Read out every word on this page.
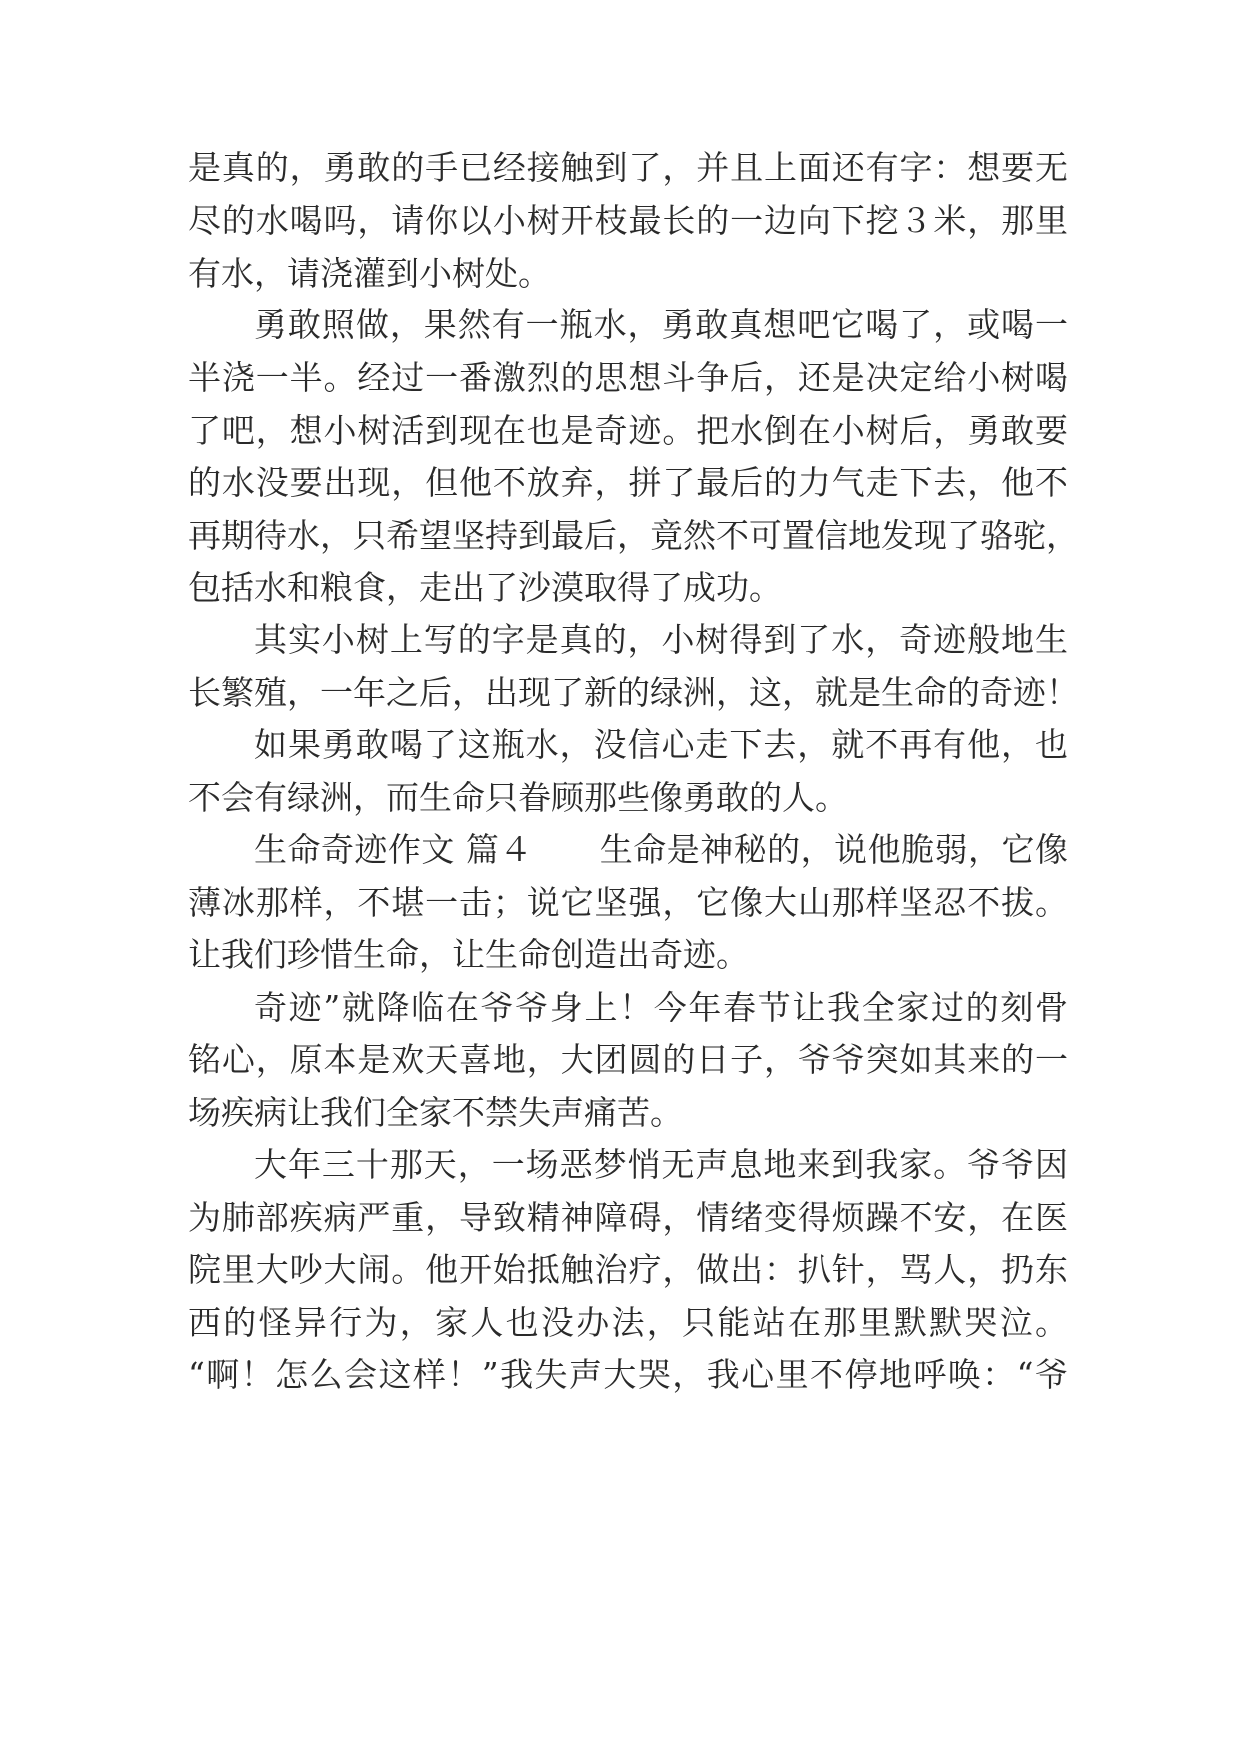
是真的，勇敢的手已经接触到了，并且上面还有字：想要无
尽的水喝吗，请你以小树开枝最长的一边向下挖３米，那里
有水，请浇灌到小树处。
勇敢照做，果然有一瓶水，勇敢真想吧它喝了，或喝一
半浇一半。经过一番激烈的思想斗争后，还是决定给小树喝
了吧，想小树活到现在也是奇迹。把水倒在小树后，勇敢要
的水没要出现，但他不放弃，拼了最后的力气走下去，他不
再期待水，只希望坚持到最后，竟然不可置信地发现了骆驼，
包括水和粮食，走出了沙漠取得了成功。
其实小树上写的字是真的，小树得到了水，奇迹般地生
长繁殖，一年之后，出现了新的绿洲，这，就是生命的奇迹！
如果勇敢喝了这瓶水，没信心走下去，就不再有他，也
不会有绿洲，而生命只眷顾那些像勇敢的人。
生命奇迹作文 篇４　　生命是神秘的，说他脆弱，它像
薄冰那样，不堪一击；说它坚强，它像大山那样坚忍不拔。
让我们珍惜生命，让生命创造出奇迹。
奇迹”就降临在爷爷身上！今年春节让我全家过的刻骨
铭心，原本是欢天喜地，大团圆的日子，爷爷突如其来的一
场疾病让我们全家不禁失声痛苦。
大年三十那天，一场恶梦悄无声息地来到我家。爷爷因
为肺部疾病严重，导致精神障碍，情绪变得烦躁不安，在医
院里大吵大闹。他开始抵触治疗，做出：扒针，骂人，扔东
西的怪异行为，家人也没办法，只能站在那里默默哭泣。
“啊！怎么会这样！”我失声大哭，我心里不停地呼唤：“爷
